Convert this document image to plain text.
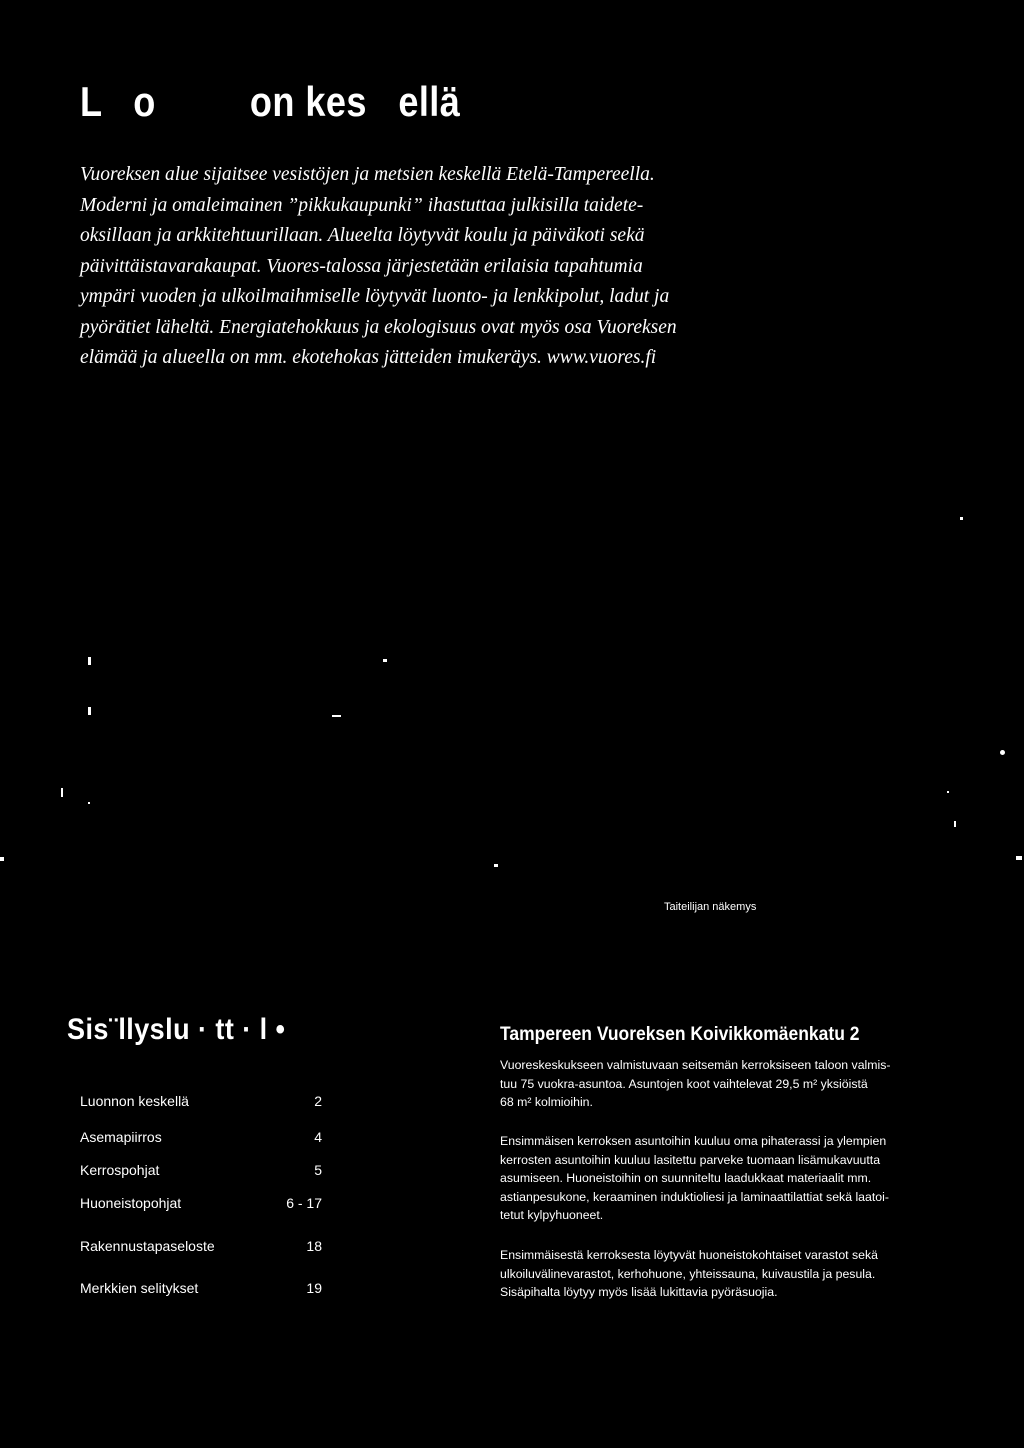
L   o         on kes   ellä
Vuoreksen alue sijaitsee vesistöjen ja metsien keskellä Etelä-Tampereella.
Moderni ja omaleimainen ”pikkukaupunki” ihastuttaa julkisilla taidete-
oksillaan ja arkkitehtuurillaan. Alueelta löytyvät koulu ja päiväkoti sekä
päivittäistavarakaupat. Vuores-talossa järjestetään erilaisia tapahtumia
ympäri vuoden ja ulkoilmaihmiselle löytyvät luonto- ja lenkkipolut, ladut ja
pyörätiet läheltä. Energiatehokkuus ja ekologisuus ovat myös osa Vuoreksen
elämää ja alueella on mm. ekotehokas jätteiden imukeräys. www.vuores.fi
Taiteilijan näkemys
Sis¨llyslu · tt · l •
Luonnon keskellä	2
Asemapiirros	4
Kerrospohjat	5
Huoneistopohjat	6 - 17
Rakennustapaseloste	18
Merkkien selitykset	19
Tampereen Vuoreksen Koivikkomäenkatu 2
Vuoreskeskukseen valmistuvaan seitsemän kerroksiseen taloon valmis-
tuu 75 vuokra-asuntoa. Asuntojen koot vaihtelevat 29,5 m² yksiöistä
68 m² kolmioihin.
Ensimmäisen kerroksen asuntoihin kuuluu oma pihaterassi ja ylempien
kerrosten asuntoihin kuuluu lasitettu parveke tuomaan lisämukavuutta
asumiseen. Huoneistoihin on suunniteltu laadukkaat materiaalit mm.
astianpesukone, keraaminen induktioliesi ja laminaattilattiat sekä laatoi-
tetut kylpyhuoneet.
Ensimmäisestä kerroksesta löytyvät huoneistokohtaiset varastot sekä
ulkoiluvälinevarastot, kerhohuone, yhteissauna, kuivaustila ja pesula.
Sisäpihalta löytyy myös lisää lukittavia pyöräsuojia.
